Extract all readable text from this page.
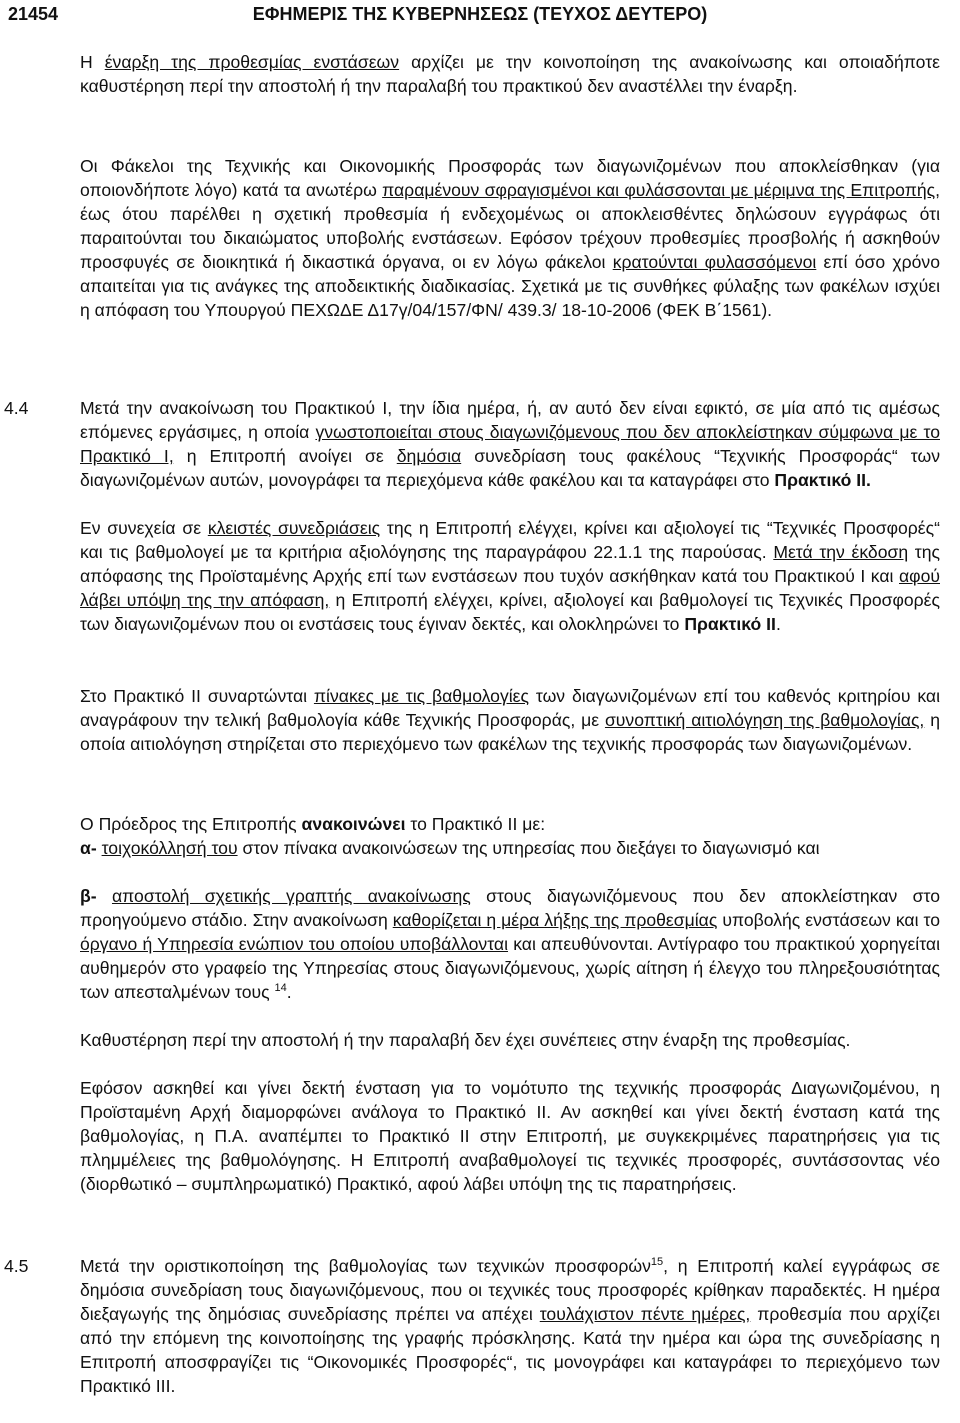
21454	ΕΦΗΜΕΡΙΣ ΤΗΣ ΚΥΒΕΡΝΗΣΕΩΣ (ΤΕΥΧΟΣ ΔΕΥΤΕΡΟ)

Η έναρξη της προθεσμίας ενστάσεων αρχίζει με την κοινοποίηση της ανακοίνωσης και οποιαδήποτε καθυστέρηση περί την αποστολή ή την παραλαβή του πρακτικού δεν αναστέλλει την έναρξη.

Οι Φάκελοι της Τεχνικής και Οικονομικής Προσφοράς των διαγωνιζομένων που αποκλείσθηκαν (για οποιονδήποτε λόγο) κατά τα ανωτέρω παραμένουν σφραγισμένοι και φυλάσσονται με μέριμνα της Επιτροπής, έως ότου παρέλθει η σχετική προθεσμία ή ενδεχομένως οι αποκλεισθέντες δηλώσουν εγγράφως ότι παραιτούνται του δικαιώματος υποβολής ενστάσεων. Εφόσον τρέχουν προθεσμίες προσβολής ή ασκηθούν προσφυγές σε διοικητικά ή δικαστικά όργανα, οι εν λόγω φάκελοι κρατούνται φυλασσόμενοι επί όσο χρόνο απαιτείται για τις ανάγκες της αποδεικτικής διαδικασίας. Σχετικά με τις συνθήκες φύλαξης των φακέλων ισχύει η απόφαση του Υπουργού ΠΕΧΩΔΕ Δ17γ/04/157/ΦΝ/ 439.3/ 18-10-2006 (ΦΕΚ Β΄1561).

4.4	Μετά την ανακοίνωση του Πρακτικού Ι, την ίδια ημέρα, ή, αν αυτό δεν είναι εφικτό, σε μία από τις αμέσως επόμενες εργάσιμες, η οποία γνωστοποιείται στους διαγωνιζόμενους που δεν αποκλείστηκαν σύμφωνα με το Πρακτικό Ι, η Επιτροπή ανοίγει σε δημόσια συνεδρίαση τους φακέλους “Τεχνικής Προσφοράς“ των διαγωνιζομένων αυτών, μονογράφει τα περιεχόμενα κάθε φακέλου και τα καταγράφει στο Πρακτικό ΙΙ.

Εν συνεχεία σε κλειστές συνεδριάσεις της η Επιτροπή ελέγχει, κρίνει και αξιολογεί τις “Τεχνικές Προσφορές“ και τις βαθμολογεί με τα κριτήρια αξιολόγησης της παραγράφου 22.1.1 της παρούσας. Μετά την έκδοση της απόφασης της Προϊσταμένης Αρχής επί των ενστάσεων που τυχόν ασκήθηκαν κατά του Πρακτικού Ι και αφού λάβει υπόψη της την απόφαση, η Επιτροπή ελέγχει, κρίνει, αξιολογεί και βαθμολογεί τις Τεχνικές Προσφορές των διαγωνιζομένων που οι ενστάσεις τους έγιναν δεκτές, και ολοκληρώνει το Πρακτικό ΙΙ.

Στο Πρακτικό ΙΙ συναρτώνται πίνακες με τις βαθμολογίες των διαγωνιζομένων επί του καθενός κριτηρίου και αναγράφουν την τελική βαθμολογία κάθε Τεχνικής Προσφοράς, με συνοπτική αιτιολόγηση της βαθμολογίας, η οποία αιτιολόγηση στηρίζεται στο περιεχόμενο των φακέλων της τεχνικής προσφοράς των διαγωνιζομένων.

Ο Πρόεδρος της Επιτροπής ανακοινώνει το Πρακτικό ΙΙ με:

α- τοιχοκόλλησή του στον πίνακα ανακοινώσεων της υπηρεσίας που διεξάγει το διαγωνισμό και

β- αποστολή σχετικής γραπτής ανακοίνωσης στους διαγωνιζόμενους που δεν αποκλείστηκαν στο προηγούμενο στάδιο. Στην ανακοίνωση καθορίζεται η μέρα λήξης της προθεσμίας υποβολής ενστάσεων και το όργανο ή Υπηρεσία ενώπιον του οποίου υποβάλλονται και απευθύνονται. Αντίγραφο του πρακτικού χορηγείται αυθημερόν στο γραφείο της Υπηρεσίας στους διαγωνιζόμενους, χωρίς αίτηση ή έλεγχο του πληρεξουσιότητας των απεσταλμένων τους $^{14}$.

Καθυστέρηση περί την αποστολή ή την παραλαβή δεν έχει συνέπειες στην έναρξη της προθεσμίας.

Εφόσον ασκηθεί και γίνει δεκτή ένσταση για το νομότυπο της τεχνικής προσφοράς Διαγωνιζομένου, η Προϊσταμένη Αρχή διαμορφώνει ανάλογα το Πρακτικό ΙΙ. Αν ασκηθεί και γίνει δεκτή ένσταση κατά της βαθμολογίας, η Π.Α. αναπέμπει το Πρακτικό ΙΙ στην Επιτροπή, με συγκεκριμένες παρατηρήσεις για τις πλημμέλειες της βαθμολόγησης. Η Επιτροπή αναβαθμολογεί τις τεχνικές προσφορές, συντάσσοντας νέο (διορθωτικό – συμπληρωματικό) Πρακτικό, αφού λάβει υπόψη της τις παρατηρήσεις.

4.5	Μετά την οριστικοποίηση της βαθμολογίας των τεχνικών προσφορών$^{15}$, η Επιτροπή καλεί εγγράφως σε δημόσια συνεδρίαση τους διαγωνιζόμενους, που οι τεχνικές τους προσφορές κρίθηκαν παραδεκτές. Η ημέρα διεξαγωγής της δημόσιας συνεδρίασης πρέπει να απέχει τουλάχιστον πέντε ημέρες, προθεσμία που αρχίζει από την επόμενη της κοινοποίησης της γραφής πρόσκλησης. Κατά την ημέρα και ώρα της συνεδρίασης η Επιτροπή αποσφραγίζει τις “Οικονομικές Προσφορές“, τις μονογράφει και καταγράφει το περιεχόμενο των Πρακτικό ΙΙΙ.
